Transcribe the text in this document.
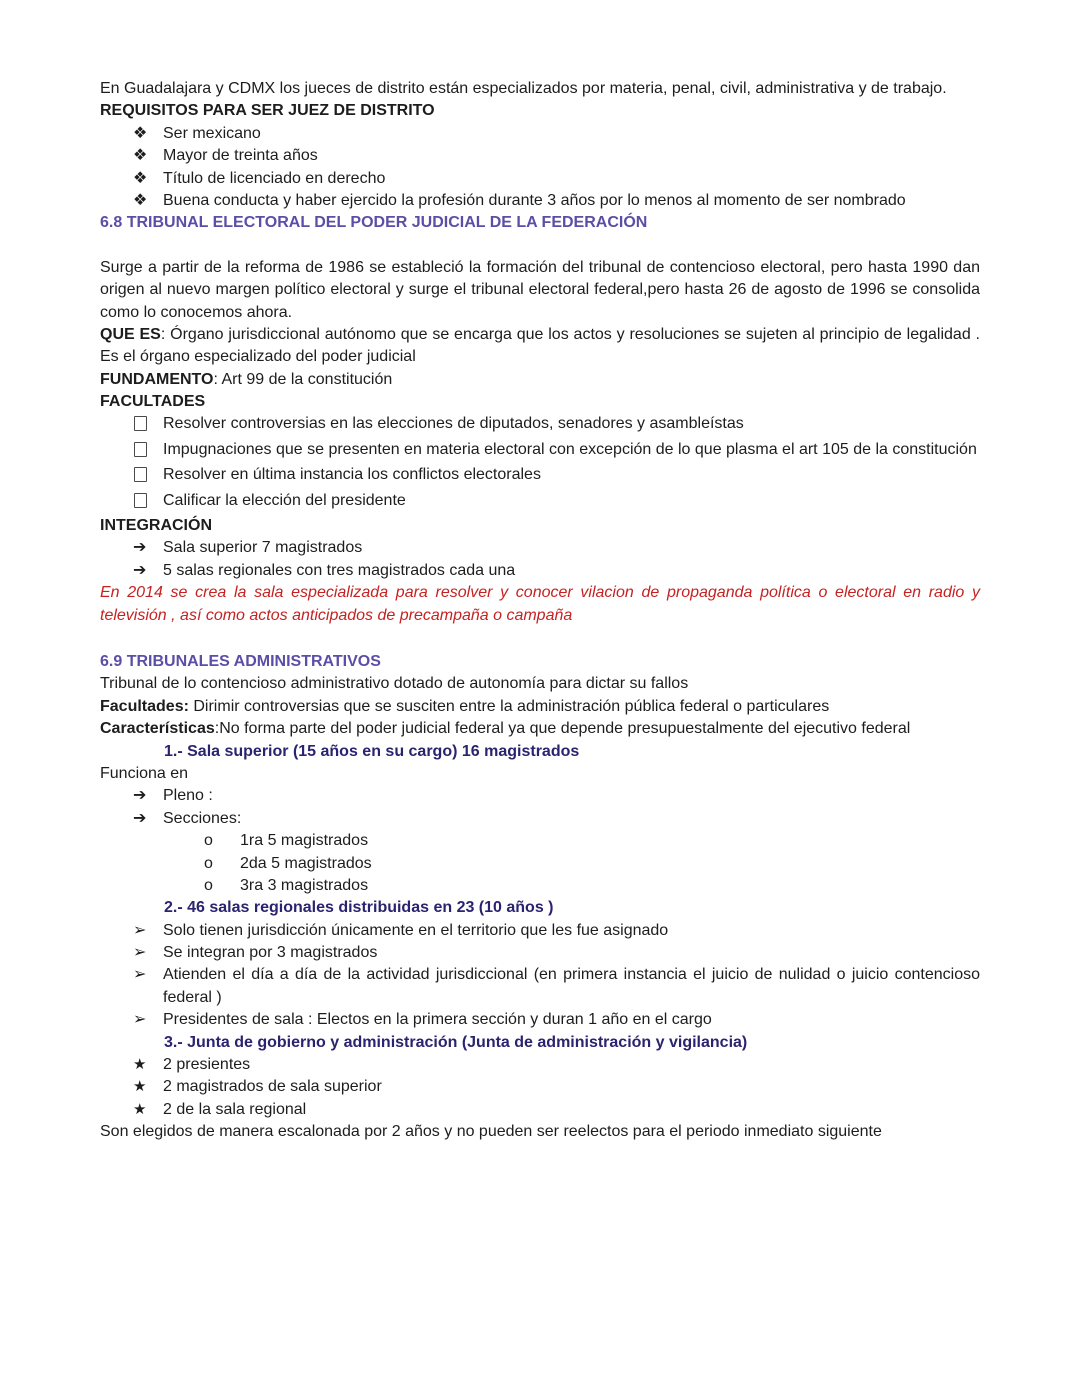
En Guadalajara y CDMX los jueces de distrito están especializados por materia, penal, civil, administrativa y de trabajo.

REQUISITOS PARA SER JUEZ DE DISTRITO

❖ Ser mexicano
❖ Mayor de treinta años
❖ Título de licenciado en derecho
❖ Buena conducta y haber ejercido la profesión durante 3 años por lo menos al momento de ser nombrado

6.8 TRIBUNAL ELECTORAL DEL PODER JUDICIAL DE LA FEDERACIÓN

Surge a partir de la reforma de 1986 se estableció la formación del tribunal de contencioso electoral, pero hasta 1990 dan origen al nuevo margen político electoral y surge el tribunal electoral federal,pero hasta 26 de agosto de 1996 se consolida como lo conocemos ahora.

QUE ES: Órgano jurisdiccional autónomo que se encarga que los actos y resoluciones se sujeten al principio de legalidad . Es el órgano especializado del poder judicial

FUNDAMENTO: Art 99 de la constitución

FACULTADES

Resolver controversias en las elecciones de diputados, senadores y asambleístas
Impugnaciones que se presenten en materia electoral con excepción de lo que plasma el art 105 de la constitución
Resolver en última instancia los conflictos electorales
Calificar la elección del presidente

INTEGRACIÓN

➔	Sala superior 7 magistrados
➔	5 salas regionales con tres magistrados cada una

En 2014 se crea la sala especializada para resolver y conocer vilacion de propaganda política o electoral en radio y televisión , así como actos anticipados de precampaña o campaña

6.9 TRIBUNALES ADMINISTRATIVOS

Tribunal de lo contencioso administrativo dotado de autonomía para dictar su fallos

Facultades: Dirimir controversias que se susciten entre la administración pública federal o particulares

Características:No forma parte del poder judicial federal ya que depende presupuestalmente del ejecutivo federal

1.- Sala superior (15 años en su cargo) 16 magistrados

Funciona en

➔	Pleno :
➔	Secciones:
o	1ra 5 magistrados
o	2da 5 magistrados
o	3ra 3 magistrados

2.- 46 salas regionales distribuidas en 23 (10 años )

➢	Solo tienen jurisdicción únicamente en el territorio que les fue asignado
➢	Se integran por 3 magistrados
➢	Atienden el día a día de la actividad jurisdiccional (en primera instancia el juicio de nulidad o juicio contencioso federal )
➢	Presidentes de sala : Electos en la primera sección y duran 1 año en el cargo

3.- Junta de gobierno y administración (Junta de administración y vigilancia)

★	2 presientes
★	2 magistrados de sala superior
★	2 de la sala regional

Son elegidos de manera escalonada por 2 años y no pueden ser reelectos para el periodo inmediato siguiente
